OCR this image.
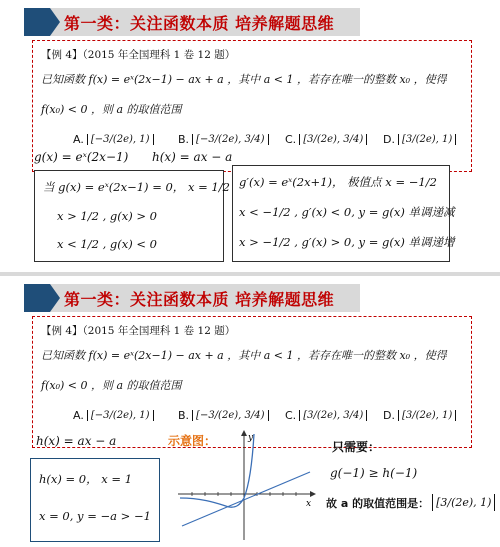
第一类：关注函数本质 培养解题思维
【例 4】（2015 年全国理科 1 卷 12 题）
已知函数 f(x) = eˣ(2x−1) − ax + a ，其中 a < 1 ，若存在唯一的整数 x₀ ，使得
f(x₀) < 0 ，则 a 的取值范围
A. [−3/(2e), 1)	B. [−3/(2e), 3/4)	C. [3/(2e), 3/4)	D. [3/(2e), 1)
g(x) = eˣ(2x−1) h(x) = ax − a
当 g(x) = eˣ(2x−1) = 0， x = 1/2
x > 1/2 , g(x) > 0
x < 1/2 , g(x) < 0
g′(x) = eˣ(2x+1)， 极值点 x = −1/2
x < −1/2 , g′(x) < 0, y = g(x) 单调递减
x > −1/2 , g′(x) > 0, y = g(x) 单调递增
第一类：关注函数本质 培养解题思维
【例 4】（2015 年全国理科 1 卷 12 题）
已知函数 f(x) = eˣ(2x−1) − ax + a ，其中 a < 1 ，若存在唯一的整数 x₀ ，使得
f(x₀) < 0 ，则 a 的取值范围
A. [−3/(2e), 1)	B. [−3/(2e), 3/4)	C. [3/(2e), 3/4)	D. [3/(2e), 1)
h(x) = ax − a
h(x) = 0， x = 1
x = 0, y = −a > −1
示意图：
x
y
只需要：
g(−1) ≥ h(−1)
故 a 的取值范围是： [3/(2e), 1)
